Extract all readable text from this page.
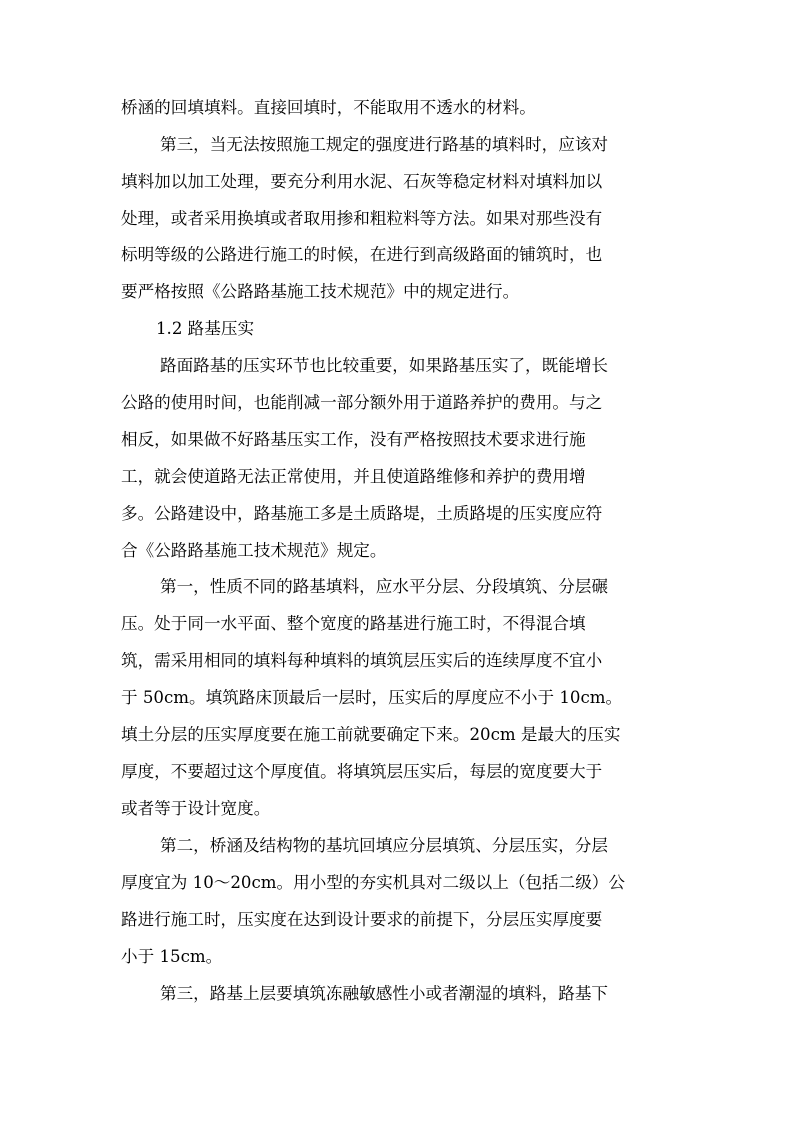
桥涵的回填填料。直接回填时，不能取用不透水的材料。

第三，当无法按照施工规定的强度进行路基的填料时，应该对

填料加以加工处理，要充分利用水泥、石灰等稳定材料对填料加以

处理，或者采用换填或者取用掺和粗粒料等方法。如果对那些没有

标明等级的公路进行施工的时候，在进行到高级路面的铺筑时，也

要严格按照《公路路基施工技术规范》中的规定进行。

1.2 路基压实

路面路基的压实环节也比较重要，如果路基压实了，既能增长

公路的使用时间，也能削减一部分额外用于道路养护的费用。与之

相反，如果做不好路基压实工作，没有严格按照技术要求进行施

工，就会使道路无法正常使用，并且使道路维修和养护的费用增

多。公路建设中，路基施工多是土质路堤，土质路堤的压实度应符

合《公路路基施工技术规范》规定。

第一，性质不同的路基填料，应水平分层、分段填筑、分层碾

压。处于同一水平面、整个宽度的路基进行施工时，不得混合填

筑，需采用相同的填料每种填料的填筑层压实后的连续厚度不宜小

于 50cm。填筑路床顶最后一层时，压实后的厚度应不小于 10cm。

填土分层的压实厚度要在施工前就要确定下来。20cm 是最大的压实

厚度，不要超过这个厚度值。将填筑层压实后，每层的宽度要大于

或者等于设计宽度。

第二，桥涵及结构物的基坑回填应分层填筑、分层压实，分层

厚度宜为 10～20cm。用小型的夯实机具对二级以上（包括二级）公

路进行施工时，压实度在达到设计要求的前提下，分层压实厚度要

小于 15cm。

第三，路基上层要填筑冻融敏感性小或者潮湿的填料，路基下
